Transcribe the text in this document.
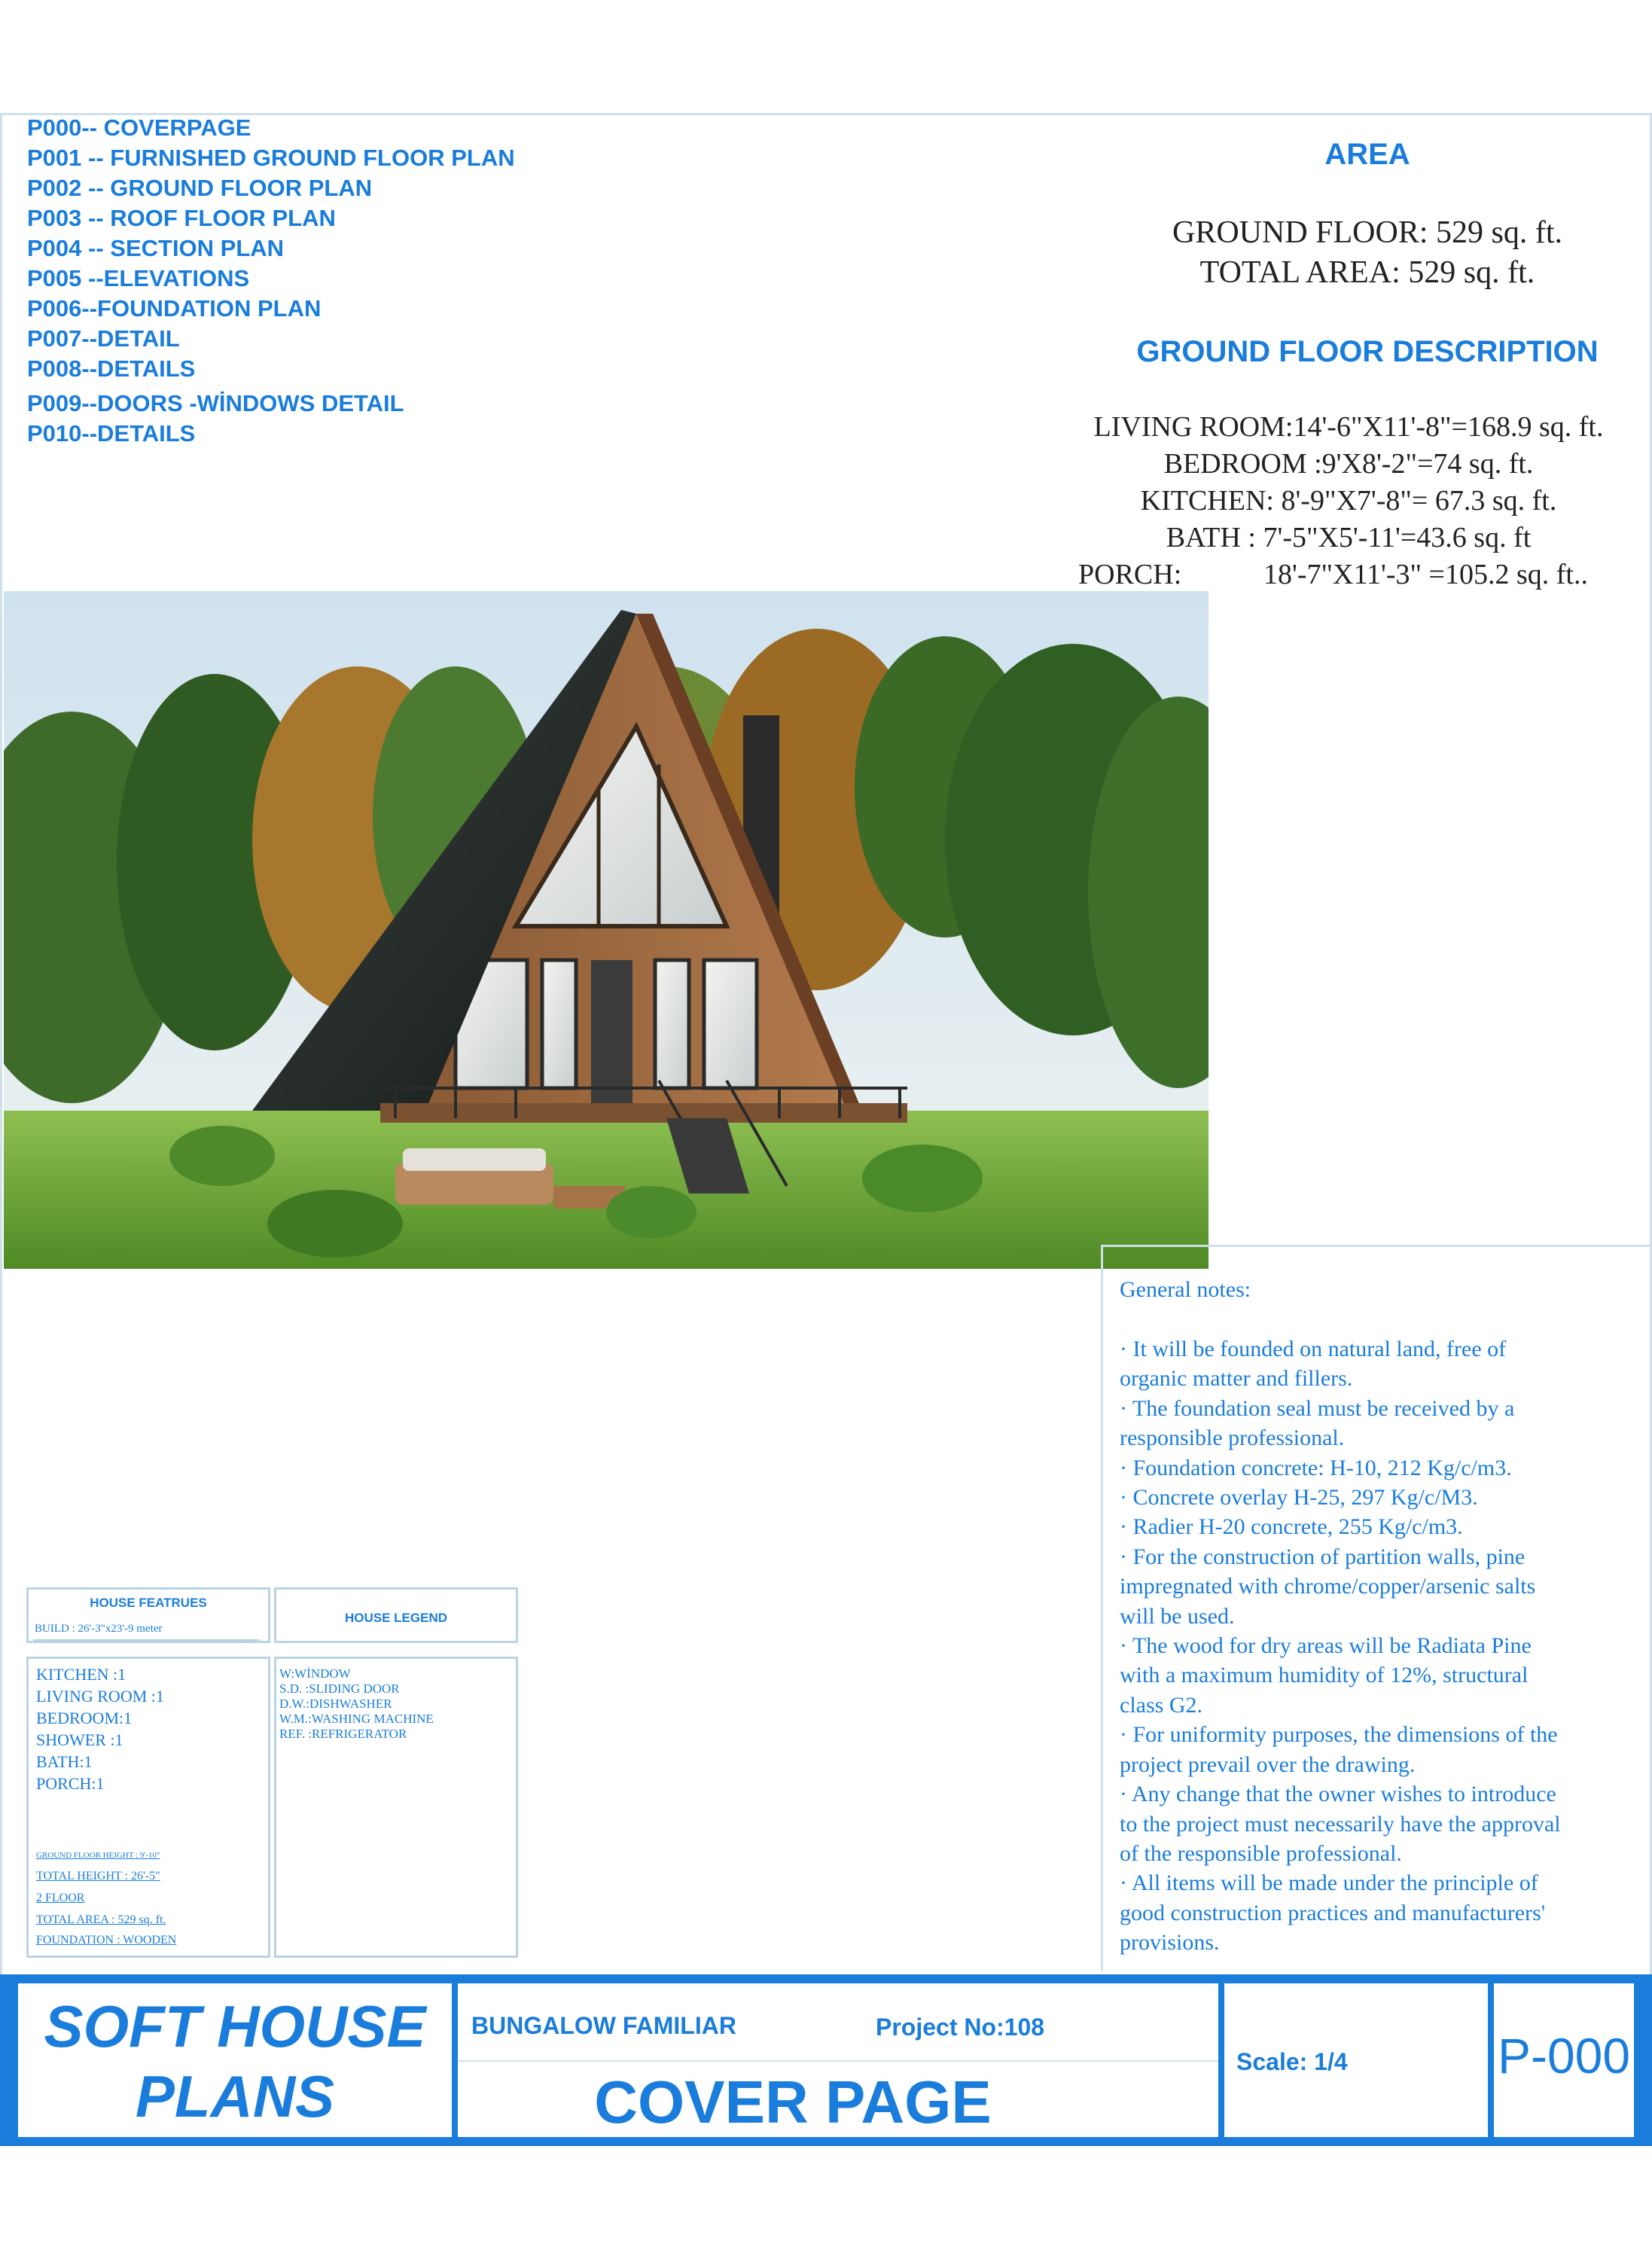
P000-- COVERPAGE
P001 -- FURNISHED GROUND FLOOR PLAN
P002 -- GROUND FLOOR PLAN
P003 -- ROOF FLOOR PLAN
P004 -- SECTION PLAN
P005 --ELEVATIONS
P006--FOUNDATION PLAN
P007--DETAIL
P008--DETAILS
P009--DOORS -WİNDOWS DETAIL
P010--DETAILS
AREA
GROUND FLOOR: 529 sq. ft.
TOTAL AREA: 529 sq. ft.
GROUND FLOOR DESCRIPTION
LIVING ROOM:14'-6"X11'-8"=168.9 sq. ft.
BEDROOM :9'X8'-2"=74 sq. ft.
KITCHEN: 8'-9"X7'-8"= 67.3 sq. ft.
BATH : 7'-5"X5'-11'=43.6 sq. ft
PORCH:	18'-7"X11'-3" =105.2 sq. ft..
HOUSE FEATRUES
BUILD : 26'-3"x23'-9 meter
KITCHEN :1
LIVING ROOM :1
BEDROOM:1
SHOWER :1
BATH:1
PORCH:1
GROUND FLOOR HEIGHT : 9'-10"
TOTAL HEIGHT : 26'-5"
2 FLOOR
TOTAL AREA : 529 sq. ft.
FOUNDATION : WOODEN
HOUSE LEGEND
W:WİNDOW
S.D. :SLIDING DOOR
D.W.:DISHWASHER
W.M.:WASHING MACHINE
REF. :REFRIGERATOR
General notes:
· It will be founded on natural land, free of
organic matter and fillers.
· The foundation seal must be received by a
responsible professional.
· Foundation concrete: H-10, 212 Kg/c/m3.
· Concrete overlay H-25, 297 Kg/c/M3.
· Radier H-20 concrete, 255 Kg/c/m3.
· For the construction of partition walls, pine
impregnated with chrome/copper/arsenic salts
will be used.
· The wood for dry areas will be Radiata Pine
with a maximum humidity of 12%, structural
class G2.
· For uniformity purposes, the dimensions of the
project prevail over the drawing.
· Any change that the owner wishes to introduce
to the project must necessarily have the approval
of the responsible professional.
· All items will be made under the principle of
good construction practices and manufacturers'
provisions.
SOFT HOUSE
PLANS
BUNGALOW FAMILIAR	Project No:108
COVER PAGE
Scale: 1/4	P-000
